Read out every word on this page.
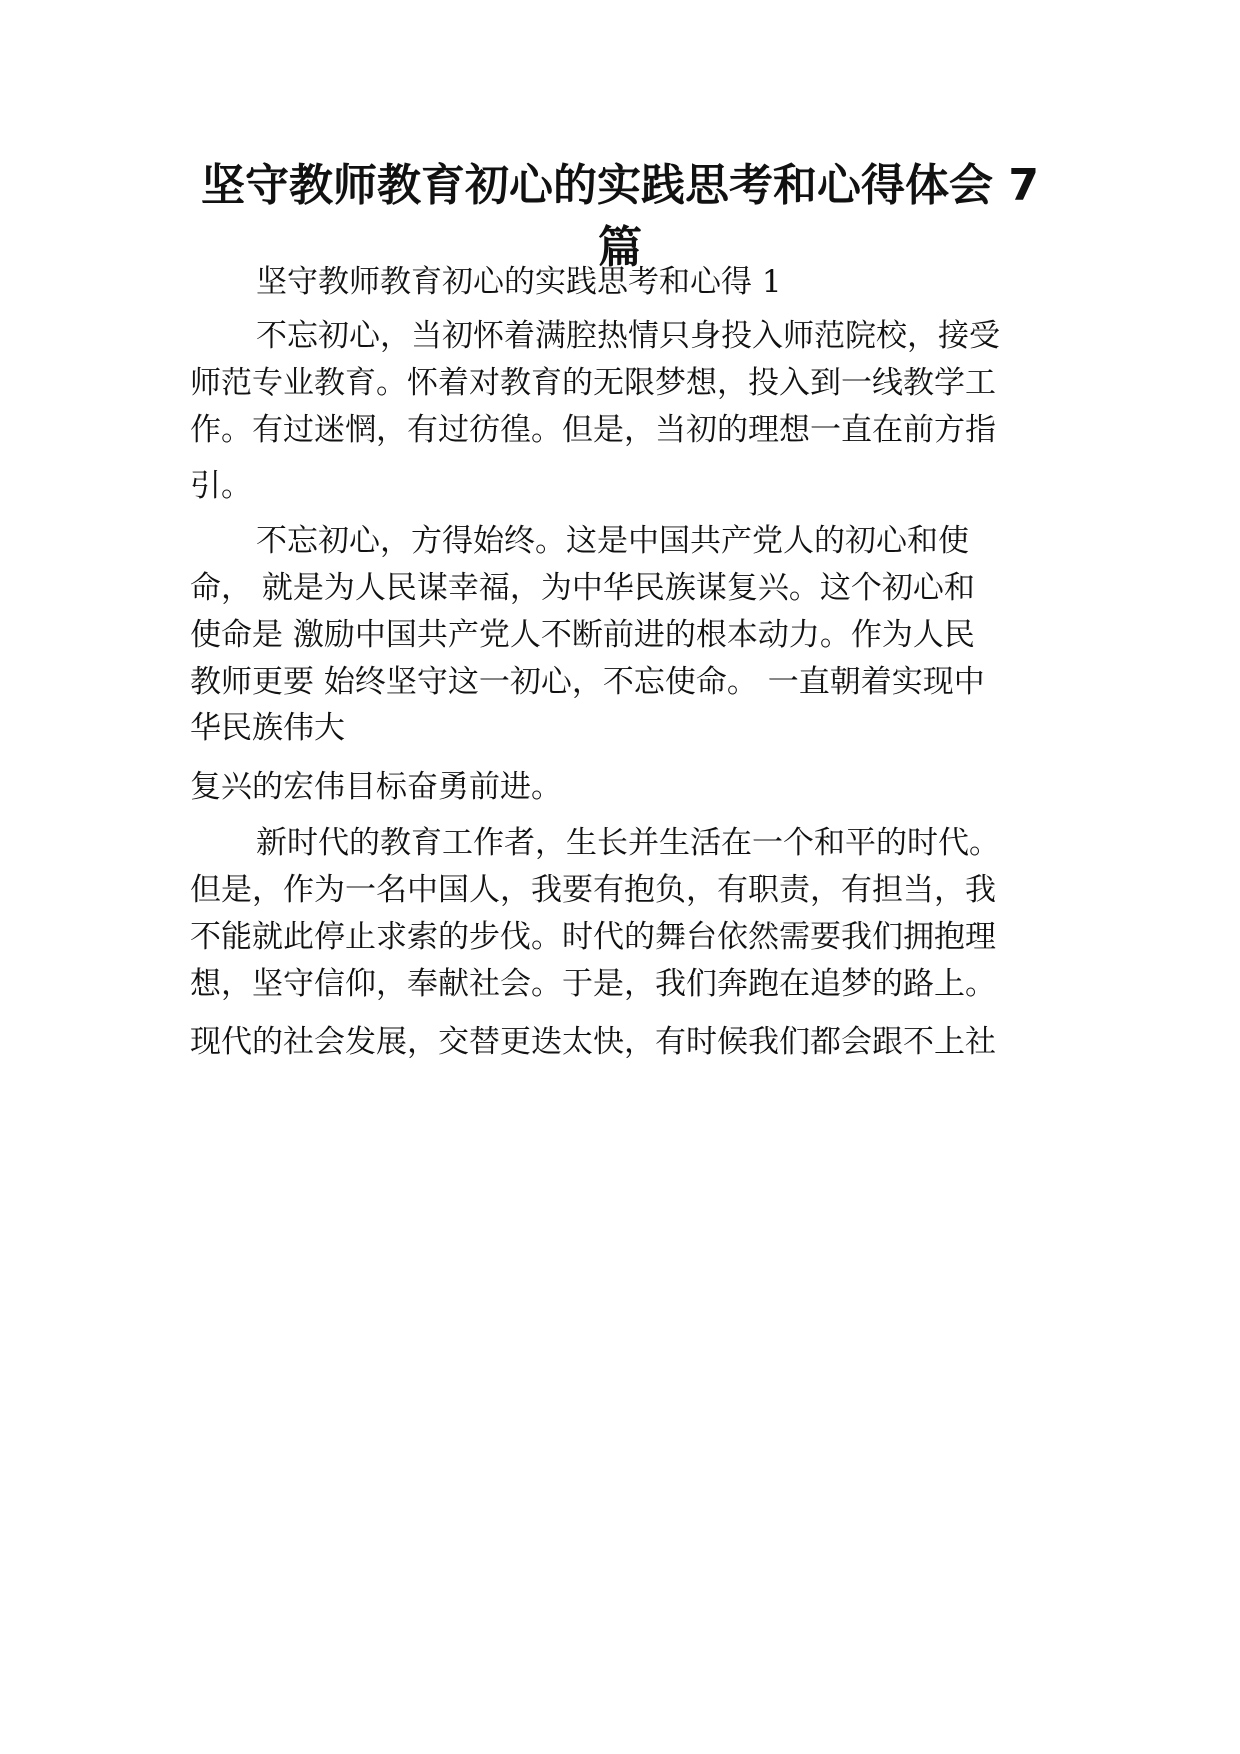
坚守教师教育初心的实践思考和心得体会 7
篇

坚守教师教育初心的实践思考和心得 1

不忘初心，当初怀着满腔热情只身投入师范院校，接受

师范专业教育。怀着对教育的无限梦想，投入到一线教学工

作。有过迷惘，有过彷徨。但是，当初的理想一直在前方指

引。

不忘初心，方得始终。这是中国共产党人的初心和使

命， 就是为人民谋幸福，为中华民族谋复兴。这个初心和

使命是 激励中国共产党人不断前进的根本动力。作为人民

教师更要 始终坚守这一初心，不忘使命。 一直朝着实现中

华民族伟大

复兴的宏伟目标奋勇前进。

新时代的教育工作者，生长并生活在一个和平的时代。

但是，作为一名中国人，我要有抱负，有职责，有担当，我

不能就此停止求索的步伐。时代的舞台依然需要我们拥抱理

想，坚守信仰，奉献社会。于是，我们奔跑在追梦的路上。

现代的社会发展，交替更迭太快，有时候我们都会跟不上社
